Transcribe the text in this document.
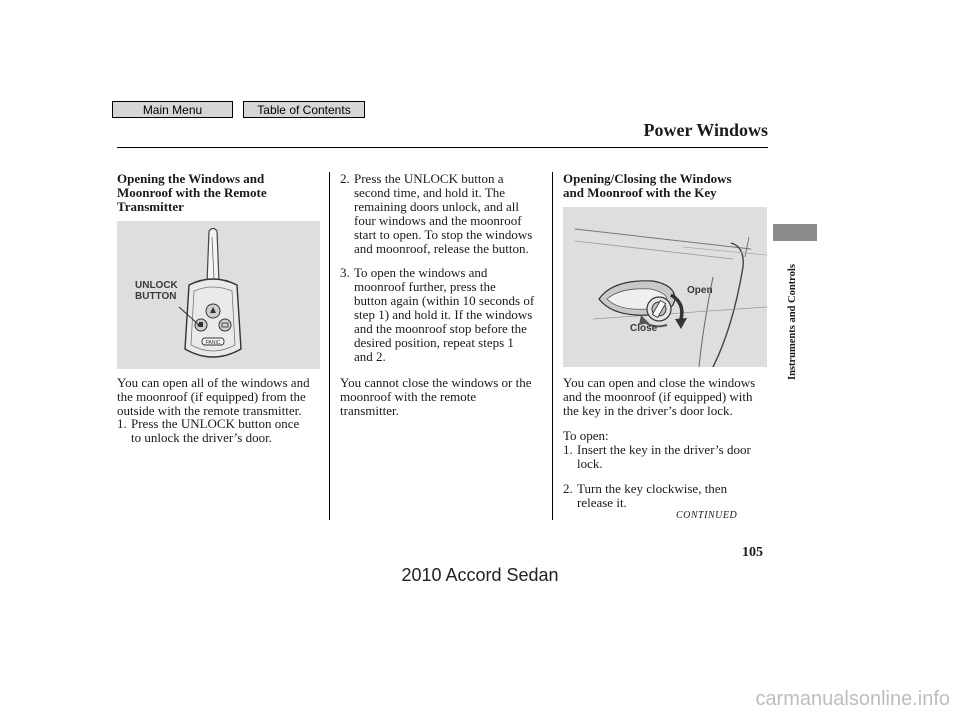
Main Menu	Table of Contents
Power Windows
Instruments and Controls
Opening the Windows and
Moonroof with the Remote
Transmitter
PANIC
UNLOCK
BUTTON
You can open all of the windows and
the moonroof (if equipped) from the
outside with the remote transmitter.
1. Press the UNLOCK button once
to unlock the driver’s door.
2. Press the UNLOCK button a
second time, and hold it. The
remaining doors unlock, and all
four windows and the moonroof
start to open. To stop the windows
and moonroof, release the button.
3. To open the windows and
moonroof further, press the
button again (within 10 seconds of
step 1) and hold it. If the windows
and the moonroof stop before the
desired position, repeat steps 1
and 2.
You cannot close the windows or the
moonroof with the remote
transmitter.
Opening/Closing the Windows
and Moonroof with the Key
Open
Close
You can open and close the windows
and the moonroof (if equipped) with
the key in the driver’s door lock.
To open:
1. Insert the key in the driver’s door
lock.
2. Turn the key clockwise, then
release it.
CONTINUED
105
2010 Accord Sedan
carmanualsonline.info
